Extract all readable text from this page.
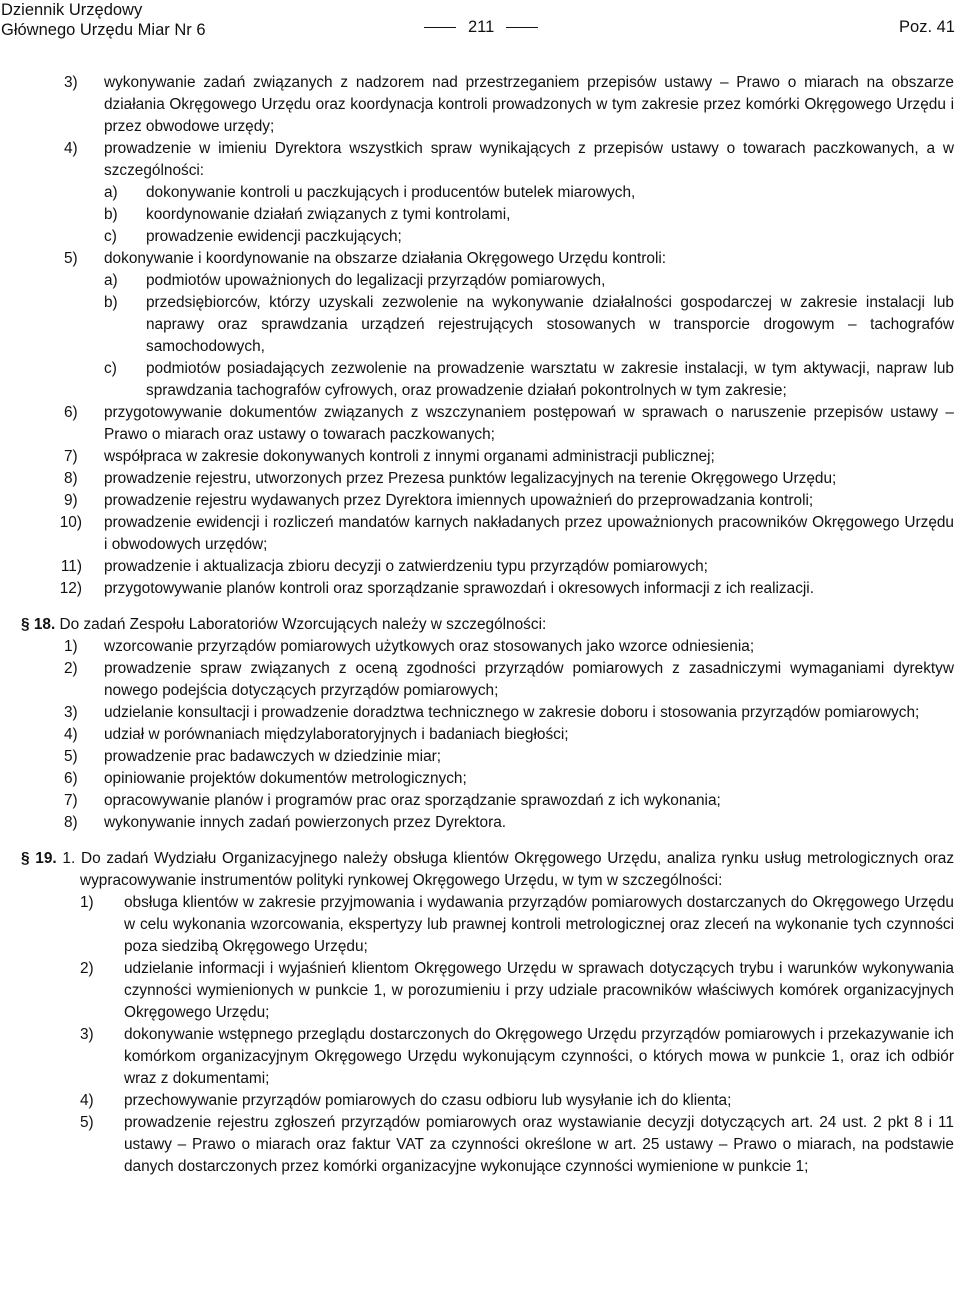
Dziennik Urzędowy
Głównego Urzędu Miar Nr 6	211	Poz. 41
3) wykonywanie zadań związanych z nadzorem nad przestrzeganiem przepisów ustawy – Prawo o miarach na obszarze działania Okręgowego Urzędu oraz koordynacja kontroli prowadzonych w tym zakresie przez komórki Okręgowego Urzędu i przez obwodowe urzędy;
4) prowadzenie w imieniu Dyrektora wszystkich spraw wynikających z przepisów ustawy o towarach paczkowanych, a w szczególności:
a) dokonywanie kontroli u paczkujących i producentów butelek miarowych,
b) koordynowanie działań związanych z tymi kontrolami,
c) prowadzenie ewidencji paczkujących;
5) dokonywanie i koordynowanie na obszarze działania Okręgowego Urzędu kontroli:
a) podmiotów upoważnionych do legalizacji przyrządów pomiarowych,
b) przedsiębiorców, którzy uzyskali zezwolenie na wykonywanie działalności gospodarczej w zakresie instalacji lub naprawy oraz sprawdzania urządzeń rejestrujących stosowanych w transporcie drogowym – tachografów samochodowych,
c) podmiotów posiadających zezwolenie na prowadzenie warsztatu w zakresie instalacji, w tym aktywacji, napraw lub sprawdzania tachografów cyfrowych, oraz prowadzenie działań pokontrolnych w tym zakresie;
6) przygotowywanie dokumentów związanych z wszczynaniem postępowań w sprawach o naruszenie przepisów ustawy – Prawo o miarach oraz ustawy o towarach paczkowanych;
7) współpraca w zakresie dokonywanych kontroli z innymi organami administracji publicznej;
8) prowadzenie rejestru, utworzonych przez Prezesa punktów legalizacyjnych na terenie Okręgowego Urzędu;
9) prowadzenie rejestru wydawanych przez Dyrektora imiennych upoważnień do przeprowadzania kontroli;
10) prowadzenie ewidencji i rozliczeń mandatów karnych nakładanych przez upoważnionych pracowników Okręgowego Urzędu i obwodowych urzędów;
11) prowadzenie i aktualizacja zbioru decyzji o zatwierdzeniu typu przyrządów pomiarowych;
12) przygotowywanie planów kontroli oraz sporządzanie sprawozdań i okresowych informacji z ich realizacji.
§ 18. Do zadań Zespołu Laboratoriów Wzorcujących należy w szczególności:
1) wzorcowanie przyrządów pomiarowych użytkowych oraz stosowanych jako wzorce odniesienia;
2) prowadzenie spraw związanych z oceną zgodności przyrządów pomiarowych z zasadniczymi wymaganiami dyrektyw nowego podejścia dotyczących przyrządów pomiarowych;
3) udzielanie konsultacji i prowadzenie doradztwa technicznego w zakresie doboru i stosowania przyrządów pomiarowych;
4) udział w porównaniach międzylaboratoryjnych i badaniach biegłości;
5) prowadzenie prac badawczych w dziedzinie miar;
6) opiniowanie projektów dokumentów metrologicznych;
7) opracowywanie planów i programów prac oraz sporządzanie sprawozdań z ich wykonania;
8) wykonywanie innych zadań powierzonych przez Dyrektora.
§ 19. 1. Do zadań Wydziału Organizacyjnego należy obsługa klientów Okręgowego Urzędu, analiza rynku usług metrologicznych oraz wypracowywanie instrumentów polityki rynkowej Okręgowego Urzędu, w tym w szczególności:
1) obsługa klientów w zakresie przyjmowania i wydawania przyrządów pomiarowych dostarczanych do Okręgowego Urzędu w celu wykonania wzorcowania, ekspertyzy lub prawnej kontroli metrologicznej oraz zleceń na wykonanie tych czynności poza siedzibą Okręgowego Urzędu;
2) udzielanie informacji i wyjaśnień klientom Okręgowego Urzędu w sprawach dotyczących trybu i warunków wykonywania czynności wymienionych w punkcie 1, w porozumieniu i przy udziale pracowników właściwych komórek organizacyjnych Okręgowego Urzędu;
3) dokonywanie wstępnego przeglądu dostarczonych do Okręgowego Urzędu przyrządów pomiarowych i przekazywanie ich komórkom organizacyjnym Okręgowego Urzędu wykonującym czynności, o których mowa w punkcie 1, oraz ich odbiór wraz z dokumentami;
4) przechowywanie przyrządów pomiarowych do czasu odbioru lub wysyłanie ich do klienta;
5) prowadzenie rejestru zgłoszeń przyrządów pomiarowych oraz wystawianie decyzji dotyczących art. 24 ust. 2 pkt 8 i 11 ustawy – Prawo o miarach oraz faktur VAT za czynności określone w art. 25 ustawy – Prawo o miarach, na podstawie danych dostarczonych przez komórki organizacyjne wykonujące czynności wymienione w punkcie 1;
